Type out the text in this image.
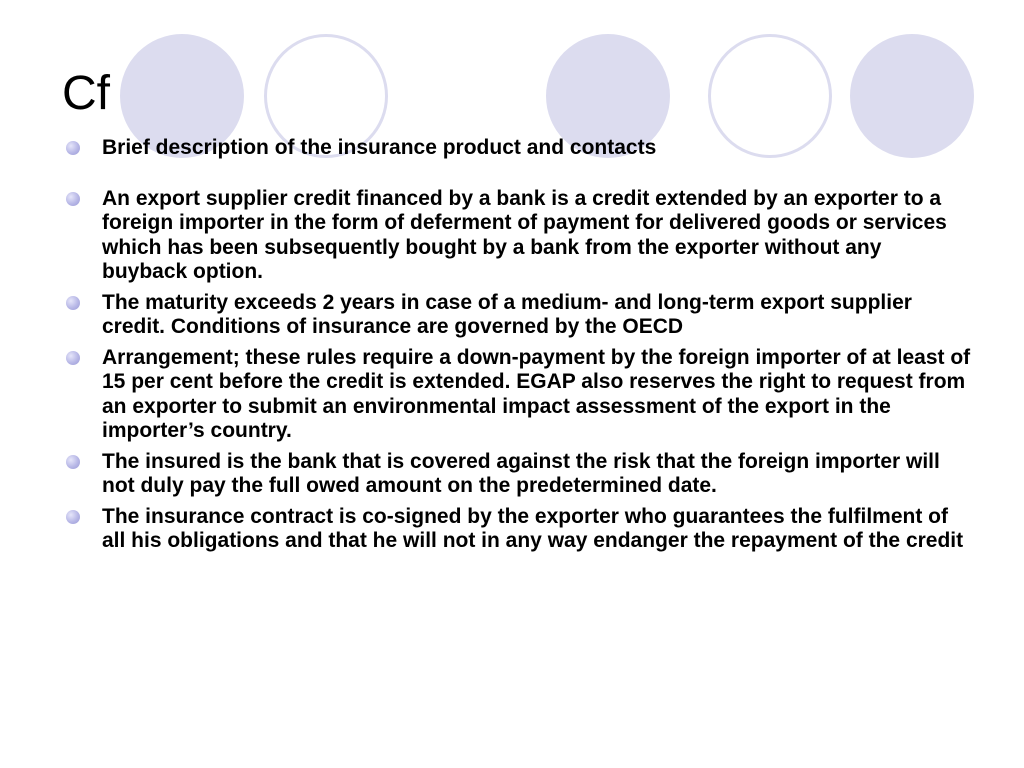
Cf
Brief description of the insurance product and contacts
An export supplier credit financed by a bank is a credit extended by an exporter to a foreign importer in the form of deferment of payment for delivered goods or services which has been subsequently bought by a bank from the exporter without any buyback option.
The maturity exceeds 2 years in case of a medium- and long-term export supplier credit. Conditions of insurance are governed by the OECD
Arrangement; these rules require a down-payment by the foreign importer of at least of 15 per cent before the credit is extended. EGAP also reserves the right to request from an exporter to submit an environmental impact assessment of the export in the importer’s country.
The insured is the bank that is covered against the risk that the foreign importer will not duly pay the full owed amount on the predetermined date.
The insurance contract is co-signed by the exporter who guarantees the fulfilment of all his obligations and that he will not in any way endanger the repayment of the credit
